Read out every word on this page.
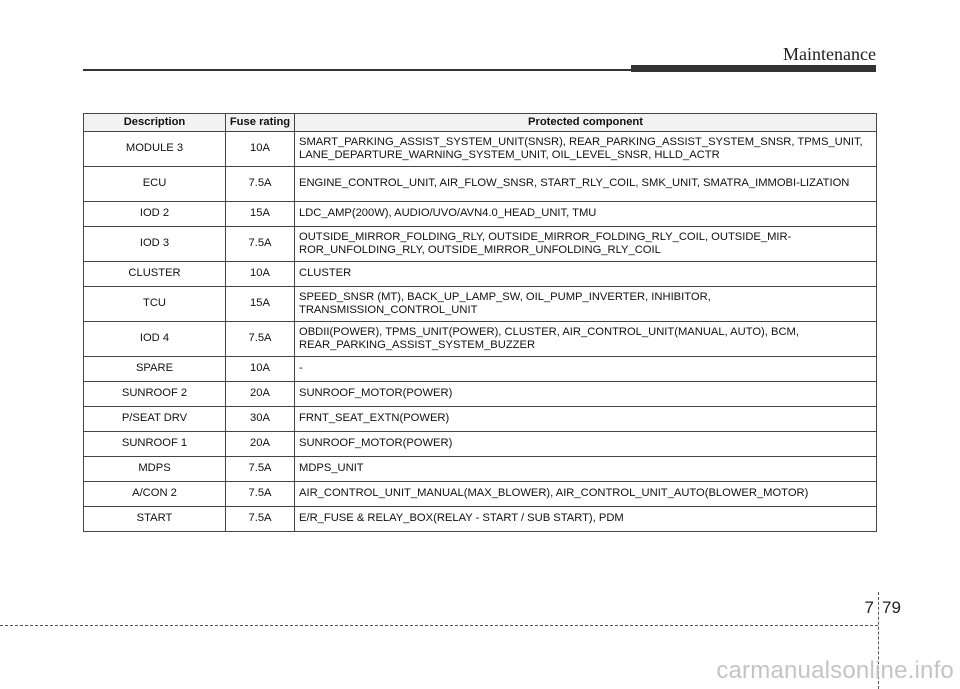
Maintenance
Description	Fuse rating	Protected component
MODULE 3	10A	SMART_PARKING_ASSIST_SYSTEM_UNIT(SNSR), REAR_PARKING_ASSIST_SYSTEM_SNSR, TPMS_UNIT, LANE_DEPARTURE_WARNING_SYSTEM_UNIT, OIL_LEVEL_SNSR, HLLD_ACTR
ECU	7.5A	ENGINE_CONTROL_UNIT, AIR_FLOW_SNSR, START_RLY_COIL, SMK_UNIT, SMATRA_IMMOBI-LIZATION
IOD 2	15A	LDC_AMP(200W), AUDIO/UVO/AVN4.0_HEAD_UNIT, TMU
IOD 3	7.5A	OUTSIDE_MIRROR_FOLDING_RLY, OUTSIDE_MIRROR_FOLDING_RLY_COIL, OUTSIDE_MIR-ROR_UNFOLDING_RLY, OUTSIDE_MIRROR_UNFOLDING_RLY_COIL
CLUSTER	10A	CLUSTER
TCU	15A	SPEED_SNSR (MT), BACK_UP_LAMP_SW, OIL_PUMP_INVERTER, INHIBITOR, TRANSMISSION_CONTROL_UNIT
IOD 4	7.5A	OBDII(POWER), TPMS_UNIT(POWER), CLUSTER, AIR_CONTROL_UNIT(MANUAL, AUTO), BCM, REAR_PARKING_ASSIST_SYSTEM_BUZZER
SPARE	10A	-
SUNROOF 2	20A	SUNROOF_MOTOR(POWER)
P/SEAT DRV	30A	FRNT_SEAT_EXTN(POWER)
SUNROOF 1	20A	SUNROOF_MOTOR(POWER)
MDPS	7.5A	MDPS_UNIT
A/CON 2	7.5A	AIR_CONTROL_UNIT_MANUAL(MAX_BLOWER), AIR_CONTROL_UNIT_AUTO(BLOWER_MOTOR)
START	7.5A	E/R_FUSE & RELAY_BOX(RELAY - START / SUB START), PDM
7 79
carmanualsonline.info
